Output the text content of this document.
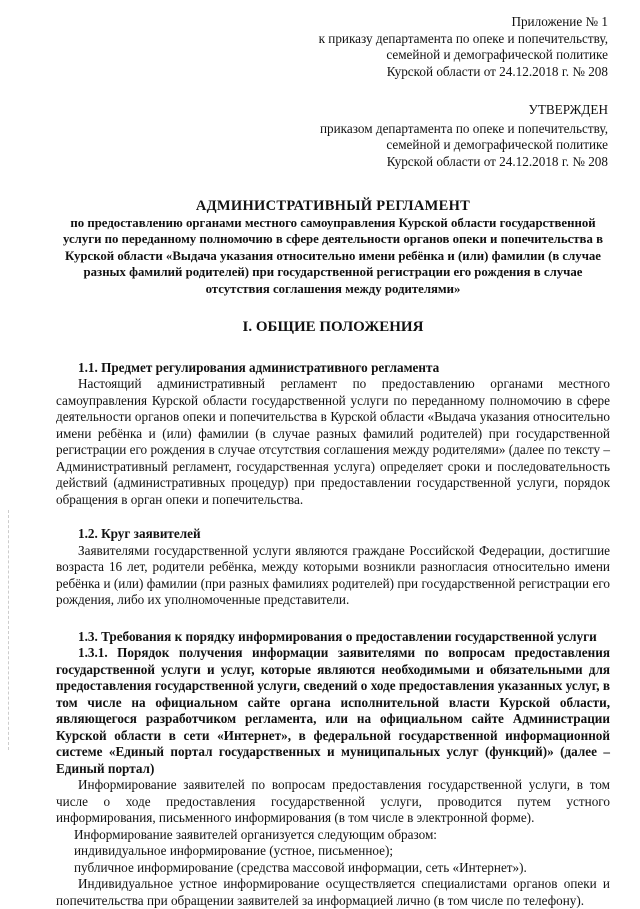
Приложение № 1
к приказу департамента по опеке и попечительству,
семейной и демографической политике
Курской области от 24.12.2018 г. № 208
УТВЕРЖДЕН
приказом департамента по опеке и попечительству,
семейной и демографической политике
Курской области от 24.12.2018 г. № 208
АДМИНИСТРАТИВНЫЙ РЕГЛАМЕНТ
по предоставлению органами местного самоуправления Курской области государственной услуги по переданному полномочию в сфере деятельности органов опеки и попечительства в Курской области «Выдача указания относительно имени ребёнка и (или) фамилии (в случае разных фамилий родителей) при государственной регистрации его рождения в случае отсутствия соглашения между родителями»
I. ОБЩИЕ ПОЛОЖЕНИЯ
1.1. Предмет регулирования административного регламента

Настоящий административный регламент по предоставлению органами местного самоуправления Курской области государственной услуги по переданному полномочию в сфере деятельности органов опеки и попечительства в Курской области «Выдача указания относительно имени ребёнка и (или) фамилии (в случае разных фамилий родителей) при государственной регистрации его рождения в случае отсутствия соглашения между родителями» (далее по тексту – Административный регламент, государственная услуга) определяет сроки и последовательность действий (административных процедур) при предоставлении государственной услуги, порядок обращения в орган опеки и попечительства.

1.2. Круг заявителей

Заявителями государственной услуги являются граждане Российской Федерации, достигшие возраста 16 лет, родители ребёнка, между которыми возникли разногласия относительно имени ребёнка и (или) фамилии (при разных фамилиях родителей) при государственной регистрации его рождения, либо их уполномоченные представители.

1.3. Требования к порядку информирования о предоставлении государственной услуги

1.3.1. Порядок получения информации заявителями по вопросам предоставления государственной услуги и услуг, которые являются необходимыми и обязательными для предоставления государственной услуги, сведений о ходе предоставления указанных услуг, в том числе на официальном сайте органа исполнительной власти Курской области, являющегося разработчиком регламента, или на официальном сайте Администрации Курской области в сети «Интернет», в федеральной государственной информационной системе «Единый портал государственных и муниципальных услуг (функций)» (далее – Единый портал)

Информирование заявителей по вопросам предоставления государственной услуги, в том числе о ходе предоставления государственной услуги, проводится путем устного информирования, письменного информирования (в том числе в электронной форме).

Информирование заявителей организуется следующим образом:

индивидуальное информирование (устное, письменное);

публичное информирование (средства массовой информации, сеть «Интернет»).

Индивидуальное устное информирование осуществляется специалистами органов опеки и попечительства при обращении заявителей за информацией лично (в том числе по телефону).
